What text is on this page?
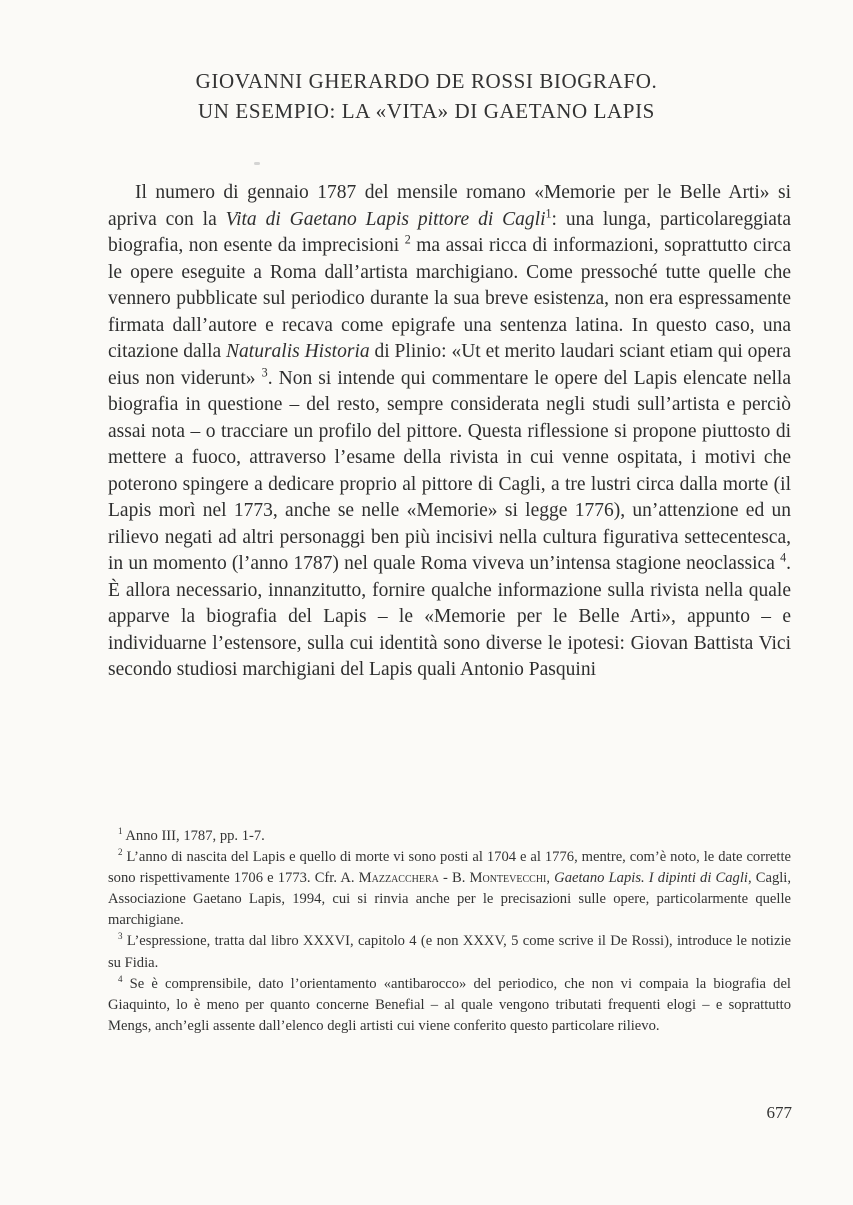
GIOVANNI GHERARDO DE ROSSI BIOGRAFO.
UN ESEMPIO: LA «VITA» DI GAETANO LAPIS

Il numero di gennaio 1787 del mensile romano «Memorie per le Belle Arti» si apriva con la Vita di Gaetano Lapis pittore di Cagli$^1$: una lunga, particolareggiata biografia, non esente da imprecisioni $^2$ ma assai ricca di informazioni, soprattutto circa le opere eseguite a Roma dall’artista marchigiano. Come pressoché tutte quelle che vennero pubblicate sul periodico durante la sua breve esistenza, non era espressamente firmata dall’autore e recava come epigrafe una sentenza latina. In questo caso, una citazione dalla Naturalis Historia di Plinio: «Ut et merito laudari sciant etiam qui opera eius non viderunt» $^3$. Non si intende qui commentare le opere del Lapis elencate nella biografia in questione – del resto, sempre considerata negli studi sull’artista e perciò assai nota – o tracciare un profilo del pittore. Questa riflessione si propone piuttosto di mettere a fuoco, attraverso l’esame della rivista in cui venne ospitata, i motivi che poterono spingere a dedicare proprio al pittore di Cagli, a tre lustri circa dalla morte (il Lapis morì nel 1773, anche se nelle «Memorie» si legge 1776), un’attenzione ed un rilievo negati ad altri personaggi ben più incisivi nella cultura figurativa settecentesca, in un momento (l’anno 1787) nel quale Roma viveva un’intensa stagione neoclassica $^4$. È allora necessario, innanzitutto, fornire qualche informazione sulla rivista nella quale apparve la biografia del Lapis – le «Memorie per le Belle Arti», appunto – e individuarne l’estensore, sulla cui identità sono diverse le ipotesi: Giovan Battista Vici secondo studiosi marchigiani del Lapis quali Antonio Pasquini

$^1$ Anno III, 1787, pp. 1-7.

$^2$ L’anno di nascita del Lapis e quello di morte vi sono posti al 1704 e al 1776, mentre, com’è noto, le date corrette sono rispettivamente 1706 e 1773. Cfr. A. Mazzacchera - B. Montevecchi, Gaetano Lapis. I dipinti di Cagli, Cagli, Associazione Gaetano Lapis, 1994, cui si rinvia anche per le precisazioni sulle opere, particolarmente quelle marchigiane.

$^3$ L’espressione, tratta dal libro XXXVI, capitolo 4 (e non XXXV, 5 come scrive il De Rossi), introduce le notizie su Fidia.

$^4$ Se è comprensibile, dato l’orientamento «antibarocco» del periodico, che non vi compaia la biografia del Giaquinto, lo è meno per quanto concerne Benefial – al quale vengono tributati frequenti elogi – e soprattutto Mengs, anch’egli assente dall’elenco degli artisti cui viene conferito questo particolare rilievo.

677
